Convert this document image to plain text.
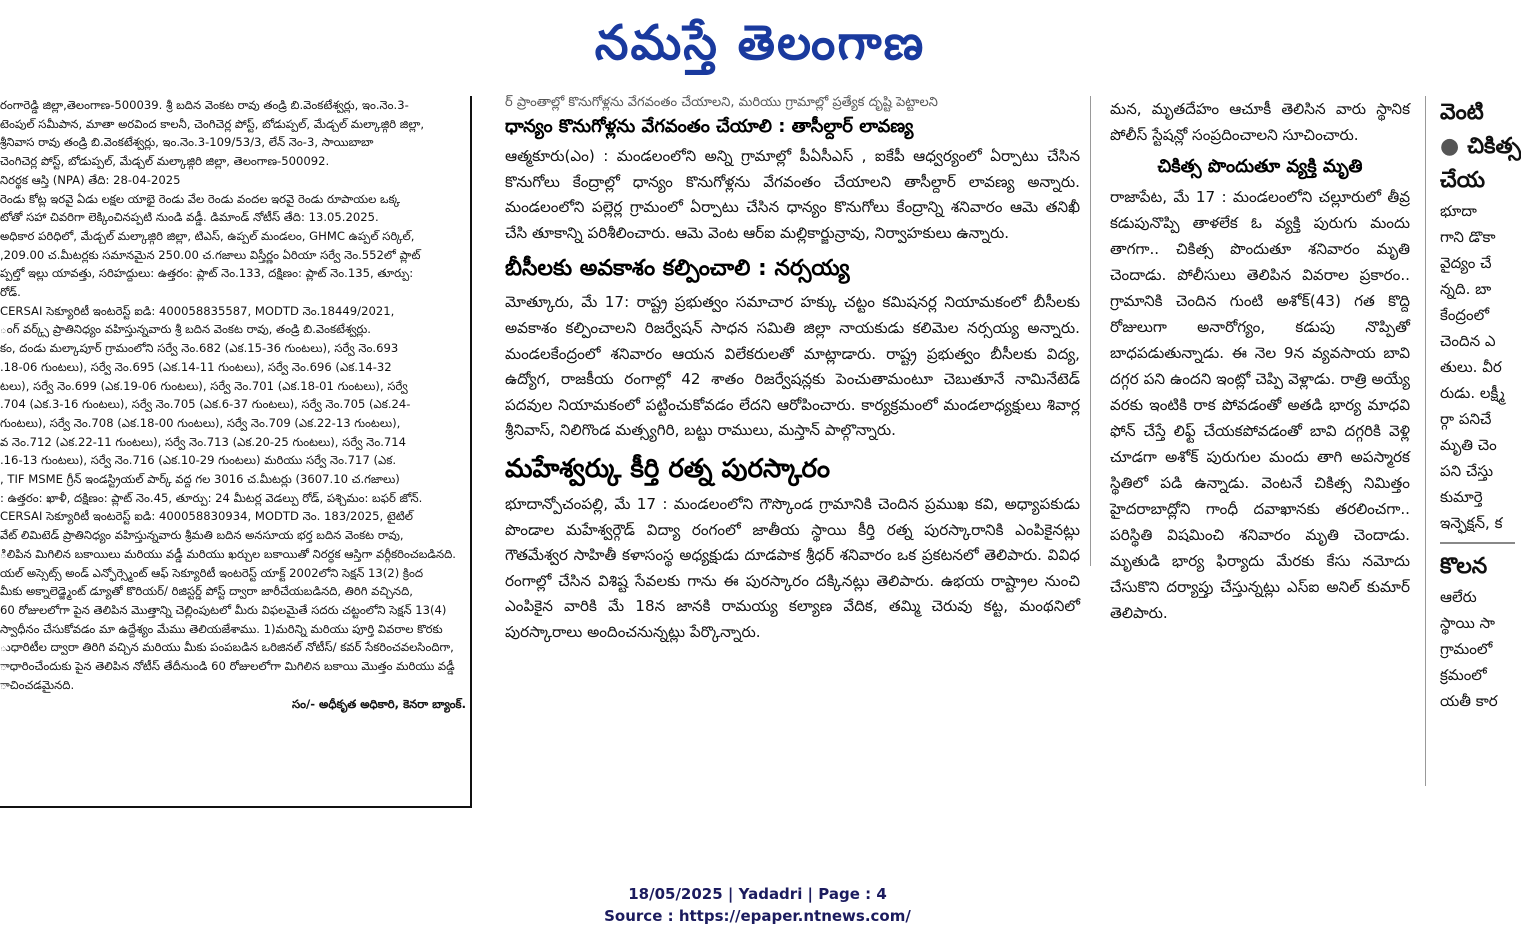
నమస్తే తెలంగాణ
రంగారెడ్డి జిల్లా,తెలంగాణ-500039. శ్రీ బదిన వెంకట రావు తండ్రి బి.వెంకటేశ్వర్లు, ఇం.నెం.3-
టెంపుల్ సమీపాన, మాతా అరవింద కాలనీ, చెంగిచెర్ల పోస్ట్, బోడుప్పల్, మేడ్చల్ మల్కాజ్గిరి జిల్లా,
శ్రీనివాస రావు తండ్రి బి.వెంకటేశ్వర్లు, ఇం.నెం.3-109/53/3, లేన్ నెం-3, సాయిబాబా
చెంగిచెర్ల పోస్ట్, బోడుప్పల్, మేడ్చల్ మల్కాజ్గిరి జిల్లా, తెలంగాణ-500092.
నిరర్థక ఆస్తి (NPA) తేది: 28-04-2025
రెండు కోట్ల ఇరవై ఏడు లక్షల యాభై రెండు వేల రెండు వందల ఇరవై రెండు రూపాయల ఒక్క
టోతో సహా చివరిగా లెక్కించినప్పటి నుండి వడ్డీ. డిమాండ్ నోటీస్ తేది: 13.05.2025.
అధికార పరిధిలో, మేడ్చల్ మల్కాజ్గిరి జిల్లా, టిఎస్, ఉప్పల్ మండలం, GHMC ఉప్పల్ సర్కిల్,
,209.00 చ.మీటర్లకు సమానమైన 250.00 చ.గజాలు విస్తీర్ణం ఏరియా సర్వే నెం.552లో ప్లాట్
ప్పల్తో ఇల్లు యావత్తు, సరిహద్దులు: ఉత్తరం: ప్లాట్ నెం.133, దక్షిణం: ప్లాట్ నెం.135, తూర్పు:
రోడ్.
CERSAI సెక్యూరిటీ ఇంటరెస్ట్ ఐడి: 400058835587, MODTD నెం.18449/2021,
ంగ్ వర్క్స్ ప్రాతినిధ్యం వహిస్తున్నవారు శ్రీ బదిన వెంకట రావు, తండ్రి బి.వెంకటేశ్వర్లు.
కం, దండు మల్కాపూర్ గ్రామంలోని సర్వే నెం.682 (ఎక.15-36 గుంటలు), సర్వే నెం.693
.18-06 గుంటలు), సర్వే నెం.695 (ఎక.14-11 గుంటలు), సర్వే నెం.696 (ఎక.14-32
టలు), సర్వే నెం.699 (ఎక.19-06 గుంటలు), సర్వే నెం.701 (ఎక.18-01 గుంటలు), సర్వే
.704 (ఎక.3-16 గుంటలు), సర్వే నెం.705 (ఎక.6-37 గుంటలు), సర్వే నెం.705 (ఎక.24-
గుంటలు), సర్వే నెం.708 (ఎక.18-00 గుంటలు), సర్వే నెం.709 (ఎక.22-13 గుంటలు),
వ నెం.712 (ఎక.22-11 గుంటలు), సర్వే నెం.713 (ఎక.20-25 గుంటలు), సర్వే నెం.714
.16-13 గుంటలు), సర్వే నెం.716 (ఎక.10-29 గుంటలు) మరియు సర్వే నెం.717 (ఎక.
, TIF MSME గ్రీన్ ఇండస్ట్రియల్ పార్క్ వద్ద గల 3016 చ.మీటర్లు (3607.10 చ.గజాలు)
: ఉత్తరం: ఖాళీ, దక్షిణం: ప్లాట్ నెం.45, తూర్పు: 24 మీటర్ల వెడల్పు రోడ్, పశ్చిమం: బఫర్ జోన్.
CERSAI సెక్యూరిటీ ఇంటరెస్ట్ ఐడి: 400058830934, MODTD నెం. 183/2025, టైటిల్
వేట్ లిమిటెడ్ ప్రాతినిధ్యం వహిస్తున్నవారు శ్రీమతి బదిన అనసూయ భర్త బదిన వెంకట రావు,
ిలిపిన మిగిలిన బకాయిలు మరియు వడ్డీ మరియు ఖర్చుల బకాయితో నిరర్ధక ఆస్తిగా వర్గీకరించబడినది.
యల్ అస్సెట్స్ అండ్ ఎన్ఫోర్స్మెంట్ ఆఫ్ సెక్యూరిటీ ఇంటరెస్ట్ యాక్ట్ 2002లోని సెక్షన్ 13(2) క్రింద
మీకు అక్నాలెడ్జ్మెంట్ డ్యూతో కొరియర్/ రిజిస్టర్డ్ పోస్ట్ ద్వారా జారీచేయబడినది, తిరిగి వచ్చినది,
60 రోజులలోగా పైన తెలిపిన మొత్తాన్ని చెల్లింపుటలో మీరు విఫలమైతే సదరు చట్టంలోని సెక్షన్ 13(4)
స్వాధీనం చేసుకోవడం మా ఉద్దేశ్యం మేము తెలియజేశాము. 1)మరిన్ని మరియు పూర్తి వివరాల కొరకు
ుధారిటీల ద్వారా తిరిగి వచ్చిన మరియు మీకు పంపబడిన ఒరిజినల్ నోటీస్/ కవర్ సేకరించవలసిందిగా,
ాధారించేందుకు పైన తెలిపిన నోటీస్ తేదీనుండి 60 రోజులలోగా మిగిలిన బకాయి మొత్తం మరియు వడ్డీ
ాచించడమైనది.
సం/- అధీకృత అధికారి, కెనరా బ్యాంక్.
ర్ ప్రాంతాల్లో కొనుగోళ్లను వేగవంతం చేయాలని, మరియు గ్రామాల్లో ప్రత్యేక దృష్టి పెట్టాలని
ధాన్యం కొనుగోళ్లను వేగవంతం చేయాలి : తాసీల్దార్ లావణ్య
ఆత్మకూరు(ఎం) : మండలంలోని అన్ని గ్రామాల్లో పీఏసీఎస్ , ఐకేపీ ఆధ్వర్యంలో ఏర్పాటు చేసిన కొనుగోలు కేంద్రాల్లో ధాన్యం కొనుగోళ్లను వేగవంతం చేయాలని తాసీల్దార్ లావణ్య అన్నారు. మండలంలోని పల్లెర్ల గ్రామంలో ఏర్పాటు చేసిన ధాన్యం కొనుగోలు కేంద్రాన్ని శనివారం ఆమె తనిఖీ చేసి తూకాన్ని పరిశీలించారు. ఆమె వెంట ఆర్ఐ మల్లికార్జున్రావు, నిర్వాహకులు ఉన్నారు.
బీసీలకు అవకాశం కల్పించాలి : నర్సయ్య
మోత్కూరు, మే 17: రాష్ట్ర ప్రభుత్వం సమాచార హక్కు చట్టం కమిషనర్ల నియామకంలో బీసీలకు అవకాశం కల్పించాలని రిజర్వేషన్ సాధన సమితి జిల్లా నాయకుడు కలిమెల నర్సయ్య అన్నారు. మండలకేంద్రంలో శనివారం ఆయన విలేకరులతో మాట్లాడారు. రాష్ట్ర ప్రభుత్వం బీసీలకు విద్య, ఉద్యోగ, రాజకీయ రంగాల్లో 42 శాతం రిజర్వేషన్లకు పెంచుతామంటూ చెబుతూనే నామినేటెడ్ పదవుల నియామకంలో పట్టించుకోవడం లేదని ఆరోపించారు. కార్యక్రమంలో మండలాధ్యక్షులు శివార్ల శ్రీనివాస్, నిలిగొండ మత్స్యగిరి, బట్టు రాములు, మస్తాన్ పాల్గొన్నారు.
మహేశ్వర్కు కీర్తి రత్న పురస్కారం
భూదాన్పోచంపల్లి, మే 17 : మండలంలోని గౌస్కొండ గ్రామానికి చెందిన ప్రముఖ కవి, అధ్యాపకుడు పొండాల మహేశ్వర్గౌడ్ విద్యా రంగంలో జాతీయ స్థాయి కీర్తి రత్న పురస్కారానికి ఎంపికైనట్లు గౌతమేశ్వర సాహితీ కళాసంస్థ అధ్యక్షుడు దూడపాక శ్రీధర్ శనివారం ఒక ప్రకటనలో తెలిపారు. వివిధ రంగాల్లో చేసిన విశిష్ట సేవలకు గాను ఈ పురస్కారం దక్కినట్లు తెలిపారు. ఉభయ రాష్ట్రాల నుంచి ఎంపికైన వారికి మే 18న జానకి రామయ్య కల్యాణ వేదిక, తమ్మి చెరువు కట్ట, మంథనిలో పురస్కారాలు అందించనున్నట్లు పేర్కొన్నారు.
మన, మృతదేహం ఆచూకీ తెలిసిన వారు స్థానిక పోలీస్ స్టేషన్లో సంప్రదించాలని సూచించారు.
చికిత్స పొందుతూ వ్యక్తి మృతి
రాజాపేట, మే 17 : మండలంలోని చల్లూరులో తీవ్ర కడుపునొప్పి తాళలేక ఓ వ్యక్తి పురుగు మందు తాగగా.. చికిత్స పొందుతూ శనివారం మృతి చెందాడు. పోలీసులు తెలిపిన వివరాల ప్రకారం.. గ్రామానికి చెందిన గుంటి అశోక్(43) గత కొద్ది రోజులుగా అనారోగ్యం, కడుపు నొప్పితో బాధపడుతున్నాడు. ఈ నెల 9న వ్యవసాయ బావి దగ్గర పని ఉందని ఇంట్లో చెప్పి వెళ్లాడు. రాత్రి అయ్యే వరకు ఇంటికి రాక పోవడంతో అతడి భార్య మాధవి ఫోన్ చేస్తే లిఫ్ట్ చేయకపోవడంతో బావి దగ్గరికి వెళ్లి చూడగా అశోక్ పురుగుల మందు తాగి అపస్మారక స్థితిలో పడి ఉన్నాడు. వెంటనే చికిత్స నిమిత్తం హైదరాబాద్లోని గాంధీ దవాఖానకు తరలించగా.. పరిస్థితి విషమించి శనివారం మృతి చెందాడు. మృతుడి భార్య ఫిర్యాదు మేరకు కేసు నమోదు చేసుకొని దర్యాప్తు చేస్తున్నట్లు ఎస్ఐ అనిల్ కుమార్ తెలిపారు.
వెంటి
● చికిత్స
చేయ
భూదా
గాని డొకా
వైద్యం చే
న్నది. బా
కేంద్రంలో
చెందిన ఎ
తులు. వీర
రుడు. లక్ష్మీ
ర్గా పనిచే
మృతి చెం
పని చేస్తు
కుమార్తె
ఇన్ఫెక్షన్, క
కొలన
ఆలేరు
స్థాయి సా
గ్రామంలో
క్రమంలో
యతీ కార
18/05/2025 | Yadadri | Page : 4
Source : https://epaper.ntnews.com/
